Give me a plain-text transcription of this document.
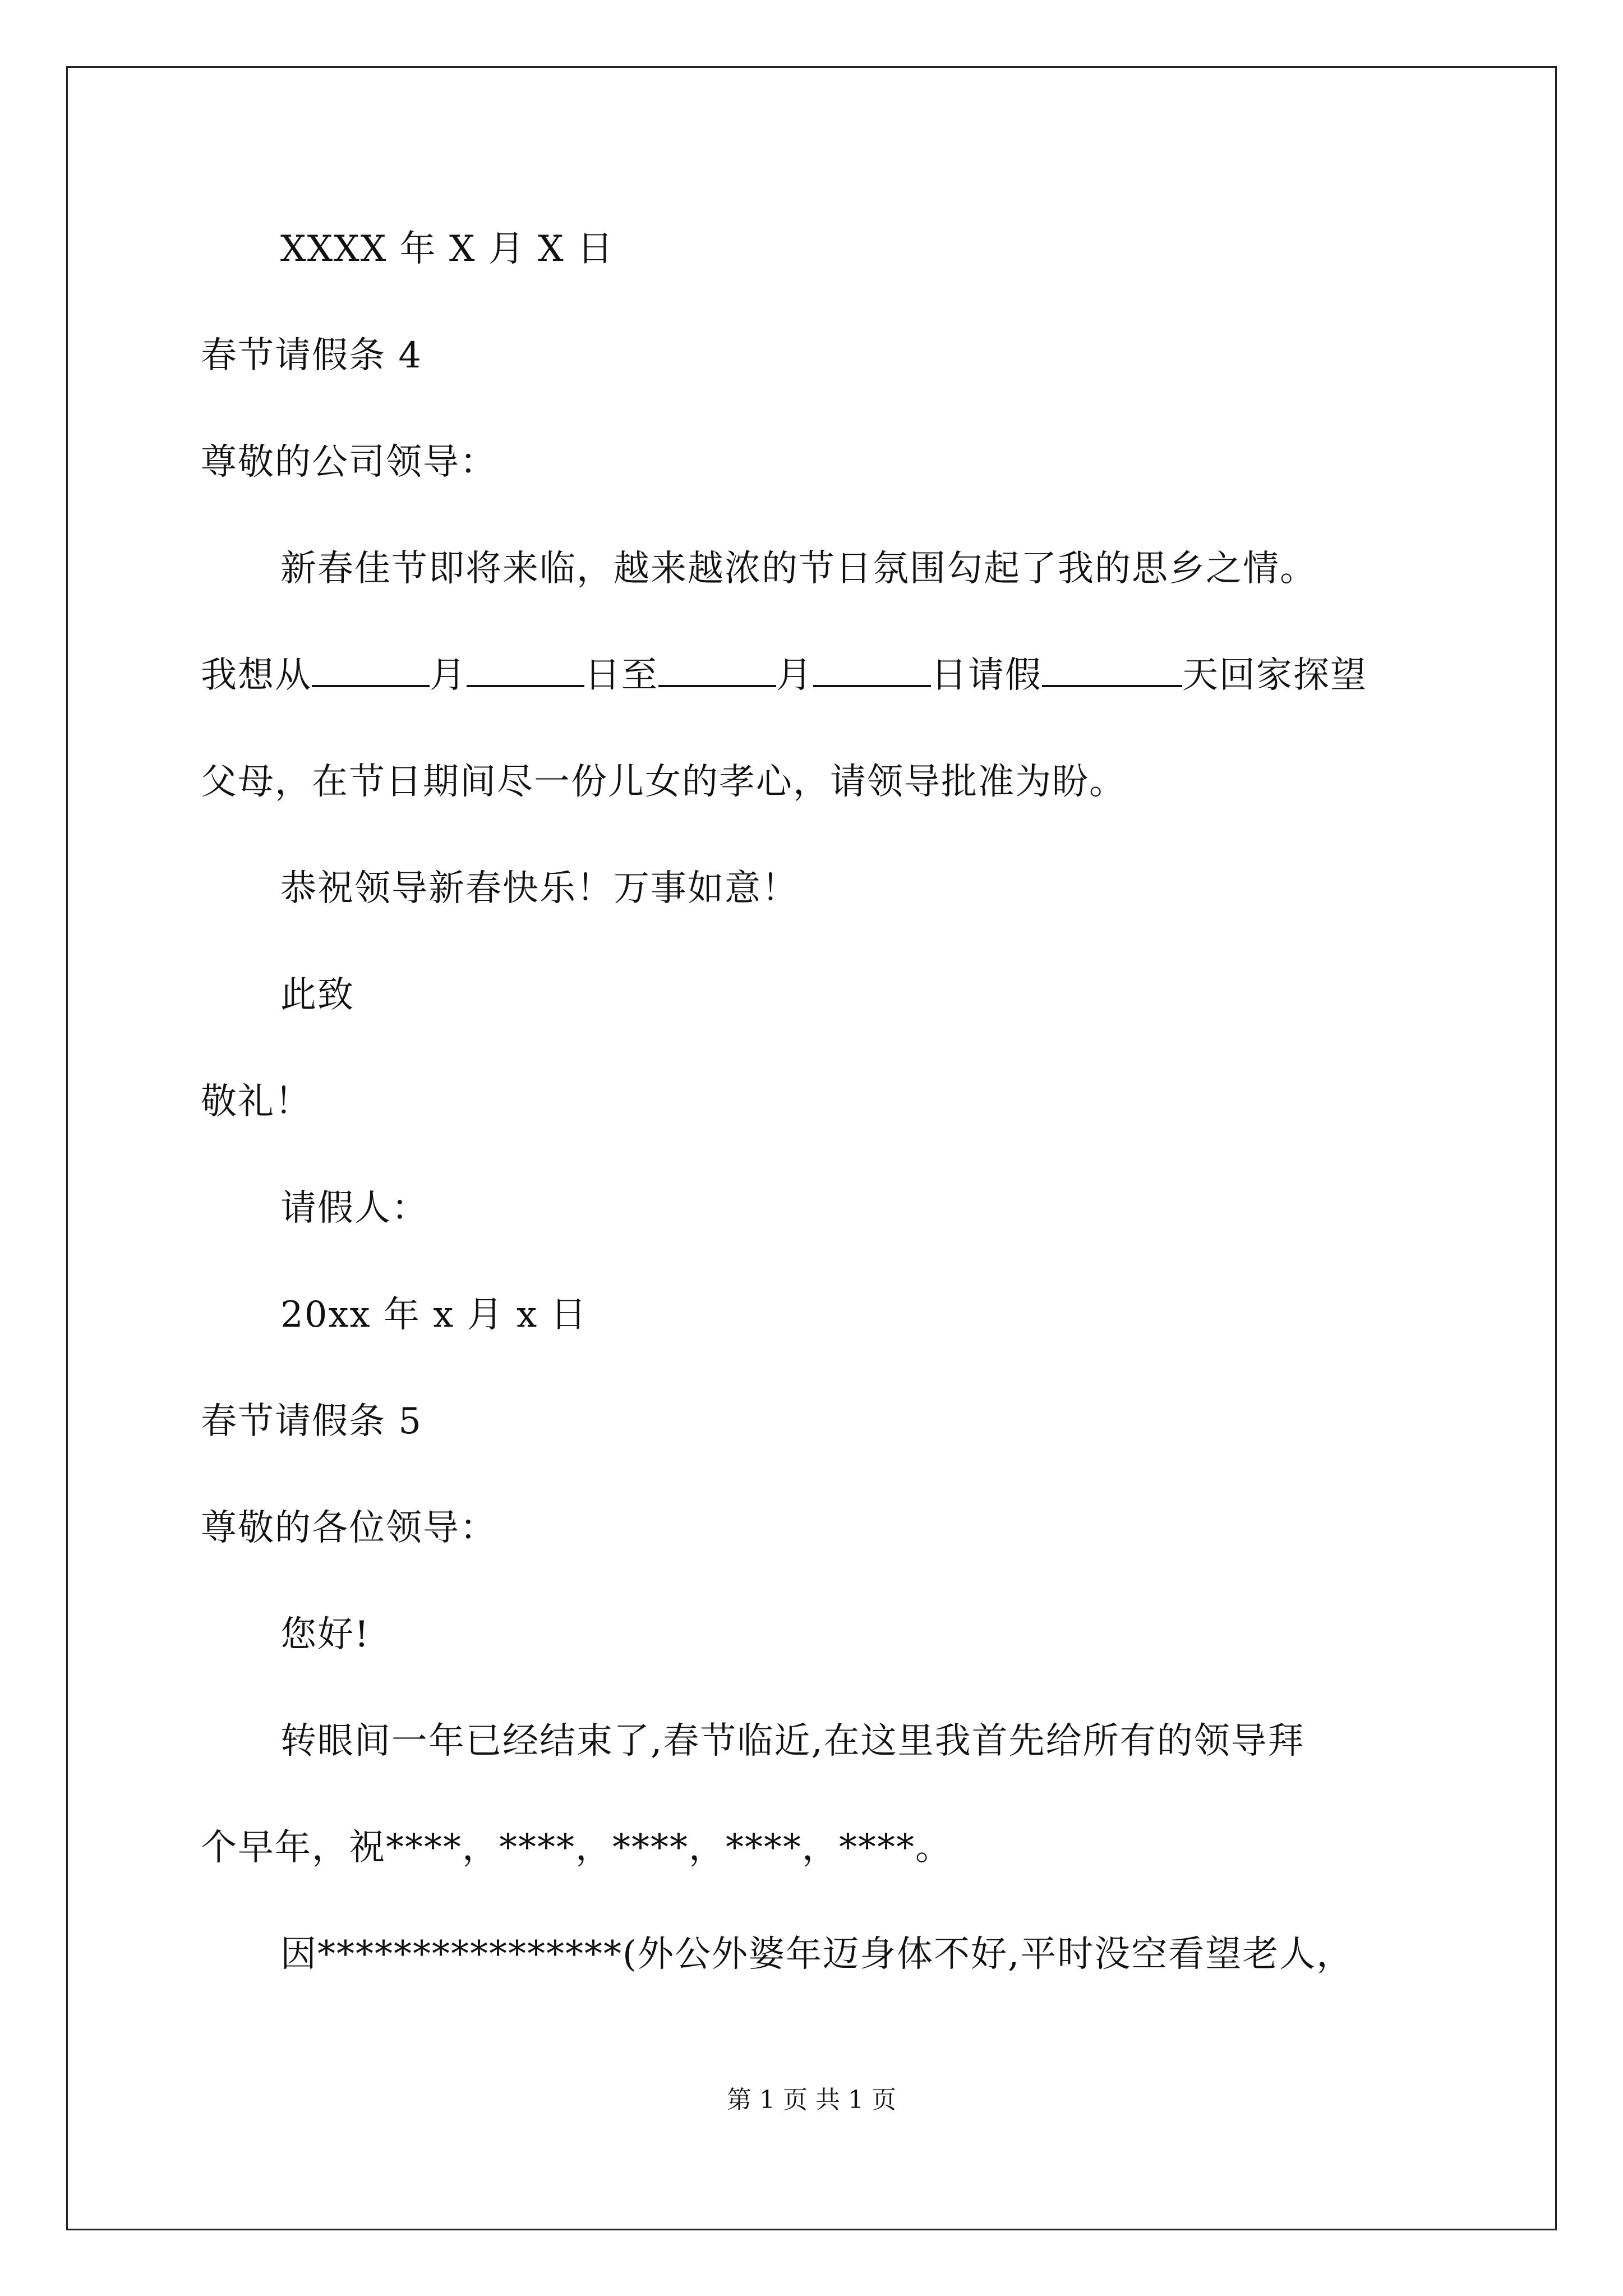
XXXX 年 X 月 X 日
春节请假条 4
尊敬的公司领导：
新春佳节即将来临，越来越浓的节日氛围勾起了我的思乡之情。
我想从	月	日至	月	日请假	天回家探望
父母，在节日期间尽一份儿女的孝心，请领导批准为盼。
恭祝领导新春快乐！万事如意！
此致
敬礼！
请假人：
20xx 年 x 月 x 日
春节请假条 5
尊敬的各位领导：
您好!
转眼间一年已经结束了,春节临近,在这里我首先给所有的领导拜
个早年，祝****，****，****，****，****。
因****************(外公外婆年迈身体不好,平时没空看望老人，
第 1 页 共 1 页
